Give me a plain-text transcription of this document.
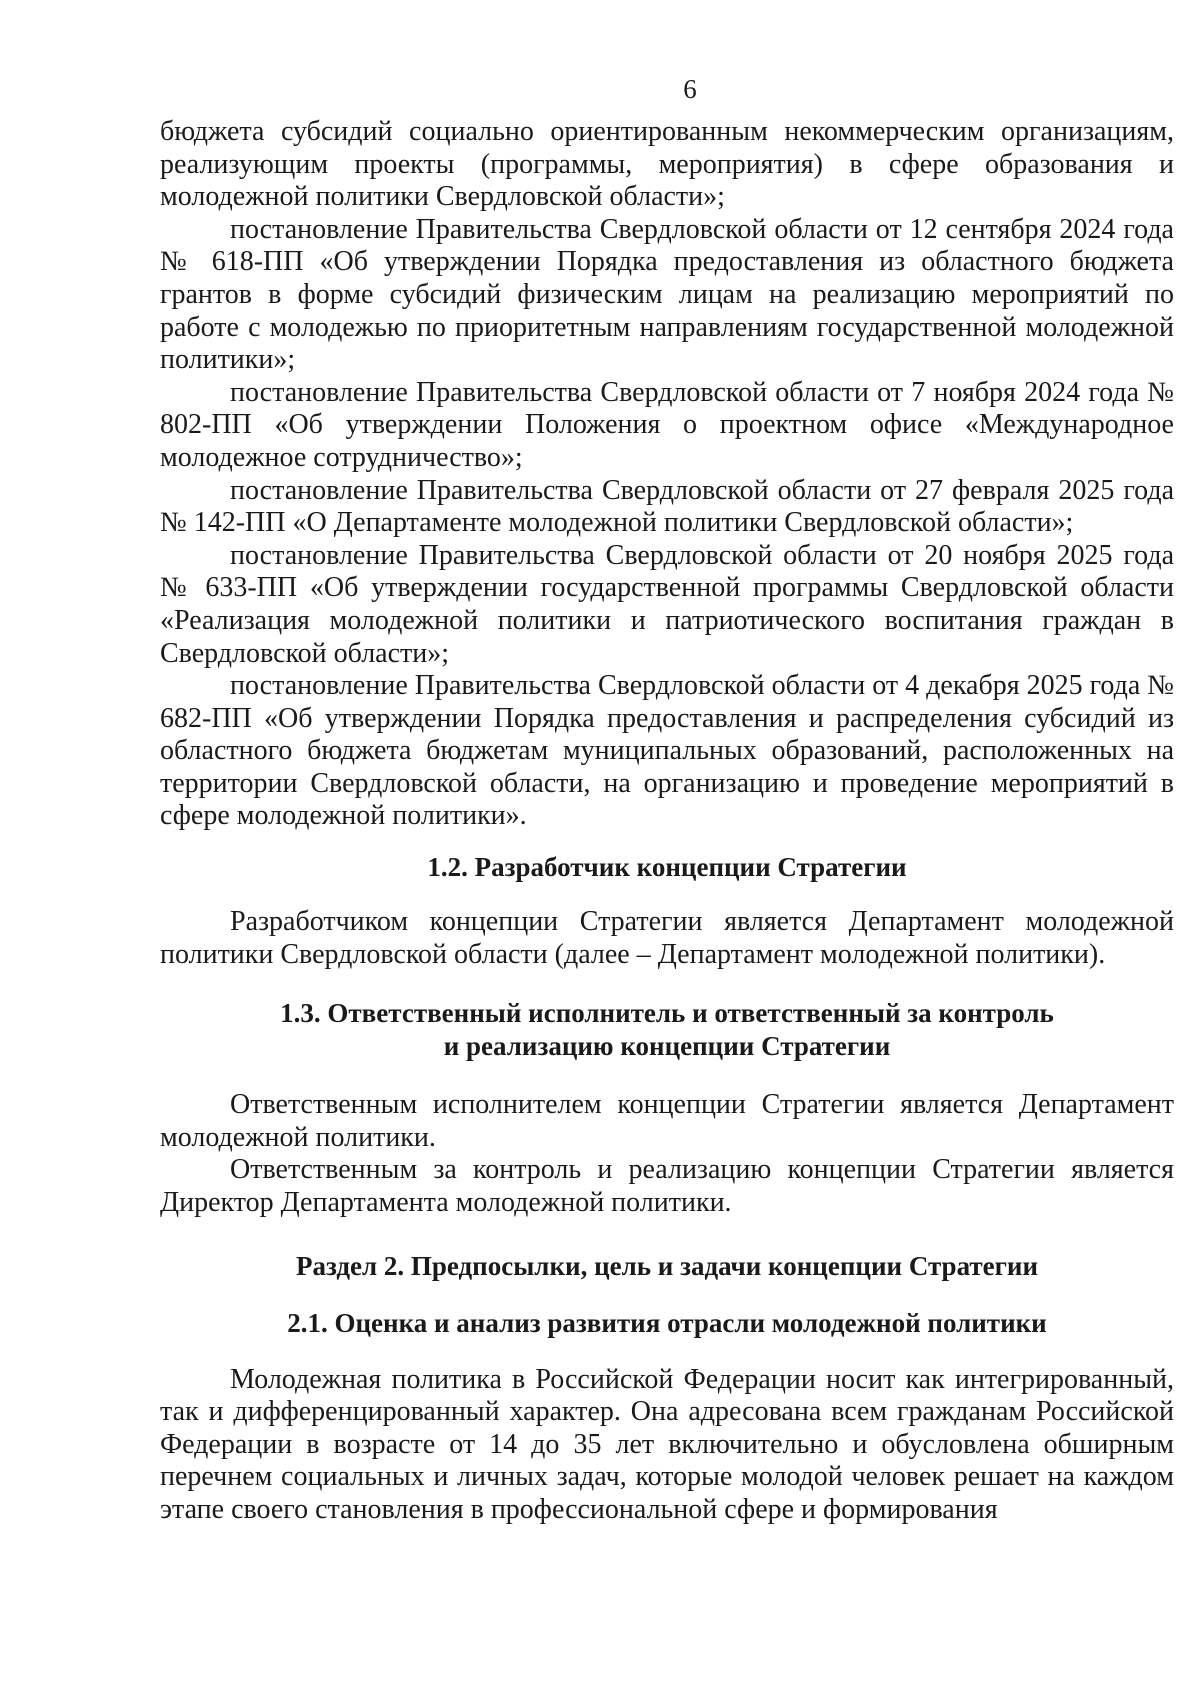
6

бюджета субсидий социально ориентированным некоммерческим организациям, реализующим проекты (программы, мероприятия) в сфере образования и молодежной политики Свердловской области»;

постановление Правительства Свердловской области от 12 сентября 2024 года № 618-ПП «Об утверждении Порядка предоставления из областного бюджета грантов в форме субсидий физическим лицам на реализацию мероприятий по работе с молодежью по приоритетным направлениям государственной молодежной политики»;

постановление Правительства Свердловской области от 7 ноября 2024 года № 802-ПП «Об утверждении Положения о проектном офисе «Международное молодежное сотрудничество»;

постановление Правительства Свердловской области от 27 февраля 2025 года № 142-ПП «О Департаменте молодежной политики Свердловской области»;

постановление Правительства Свердловской области от 20 ноября 2025 года № 633-ПП «Об утверждении государственной программы Свердловской области «Реализация молодежной политики и патриотического воспитания граждан в Свердловской области»;

постановление Правительства Свердловской области от 4 декабря 2025 года № 682-ПП «Об утверждении Порядка предоставления и распределения субсидий из областного бюджета бюджетам муниципальных образований, расположенных на территории Свердловской области, на организацию и проведение мероприятий в сфере молодежной политики».

1.2. Разработчик концепции Стратегии

Разработчиком концепции Стратегии является Департамент молодежной политики Свердловской области (далее – Департамент молодежной политики).

1.3. Ответственный исполнитель и ответственный за контроль
и реализацию концепции Стратегии

Ответственным исполнителем концепции Стратегии является Департамент молодежной политики.

Ответственным за контроль и реализацию концепции Стратегии является Директор Департамента молодежной политики.

Раздел 2. Предпосылки, цель и задачи концепции Стратегии

2.1. Оценка и анализ развития отрасли молодежной политики

Молодежная политика в Российской Федерации носит как интегрированный, так и дифференцированный характер. Она адресована всем гражданам Российской Федерации в возрасте от 14 до 35 лет включительно и обусловлена обширным перечнем социальных и личных задач, которые молодой человек решает на каждом этапе своего становления в профессиональной сфере и формирования
